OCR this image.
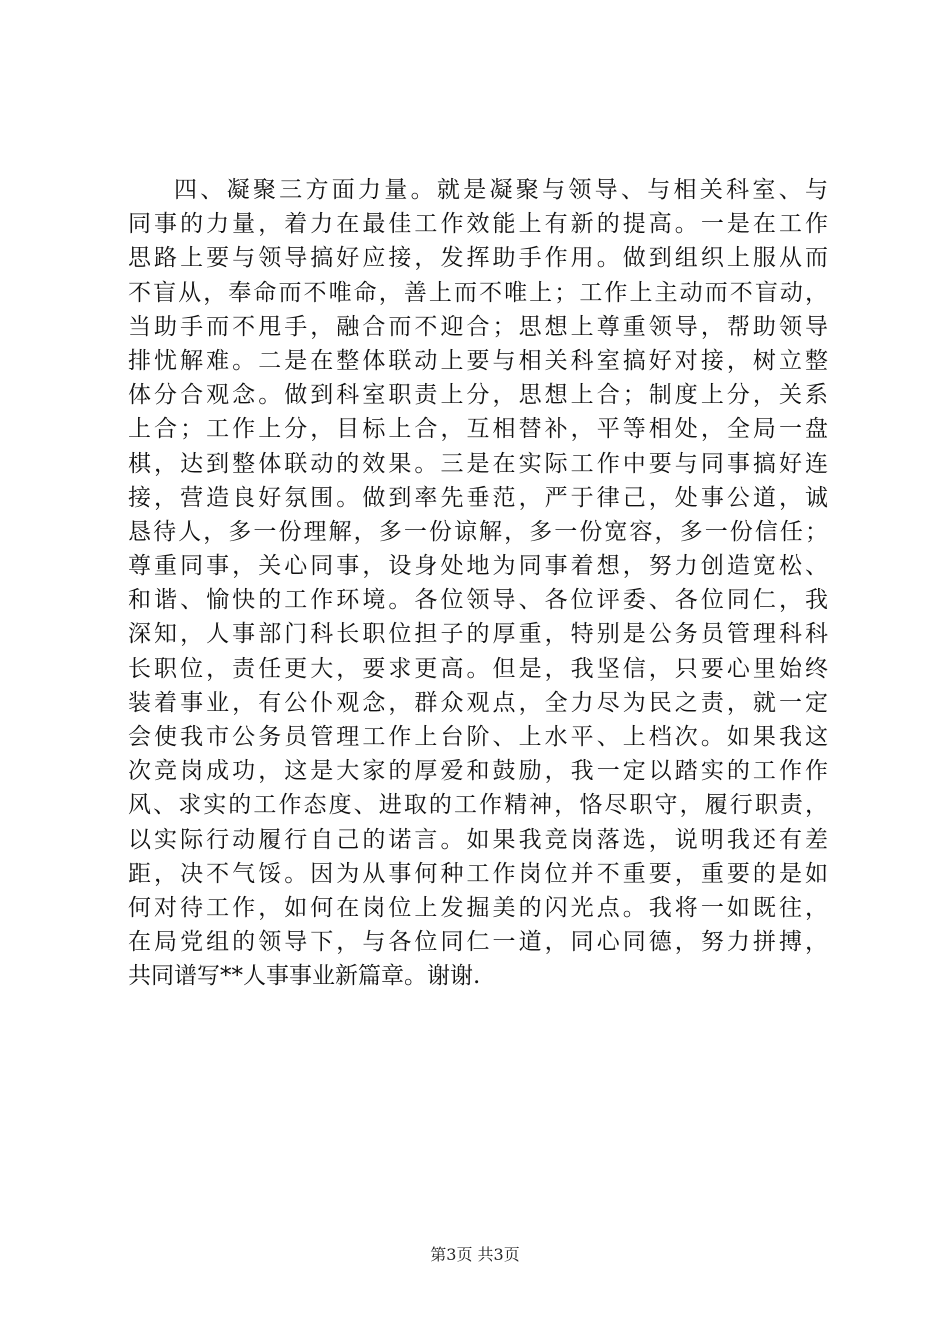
四、凝聚三方面力量。就是凝聚与领导、与相关科室、与
同事的力量，着力在最佳工作效能上有新的提高。一是在工作
思路上要与领导搞好应接，发挥助手作用。做到组织上服从而
不盲从，奉命而不唯命，善上而不唯上；工作上主动而不盲动，
当助手而不甩手，融合而不迎合；思想上尊重领导，帮助领导
排忧解难。二是在整体联动上要与相关科室搞好对接，树立整
体分合观念。做到科室职责上分，思想上合；制度上分，关系
上合；工作上分，目标上合，互相替补，平等相处，全局一盘
棋，达到整体联动的效果。三是在实际工作中要与同事搞好连
接，营造良好氛围。做到率先垂范，严于律己，处事公道，诚
恳待人，多一份理解，多一份谅解，多一份宽容，多一份信任；
尊重同事，关心同事，设身处地为同事着想，努力创造宽松、
和谐、愉快的工作环境。各位领导、各位评委、各位同仁，我
深知，人事部门科长职位担子的厚重，特别是公务员管理科科
长职位，责任更大，要求更高。但是，我坚信，只要心里始终
装着事业，有公仆观念，群众观点，全力尽为民之责，就一定
会使我市公务员管理工作上台阶、上水平、上档次。如果我这
次竞岗成功，这是大家的厚爱和鼓励，我一定以踏实的工作作
风、求实的工作态度、进取的工作精神，恪尽职守，履行职责，
以实际行动履行自己的诺言。如果我竞岗落选，说明我还有差
距，决不气馁。因为从事何种工作岗位并不重要，重要的是如
何对待工作，如何在岗位上发掘美的闪光点。我将一如既往，
在局党组的领导下，与各位同仁一道，同心同德，努力拼搏，
共同谱写**人事事业新篇章。谢谢.
第3页 共3页
